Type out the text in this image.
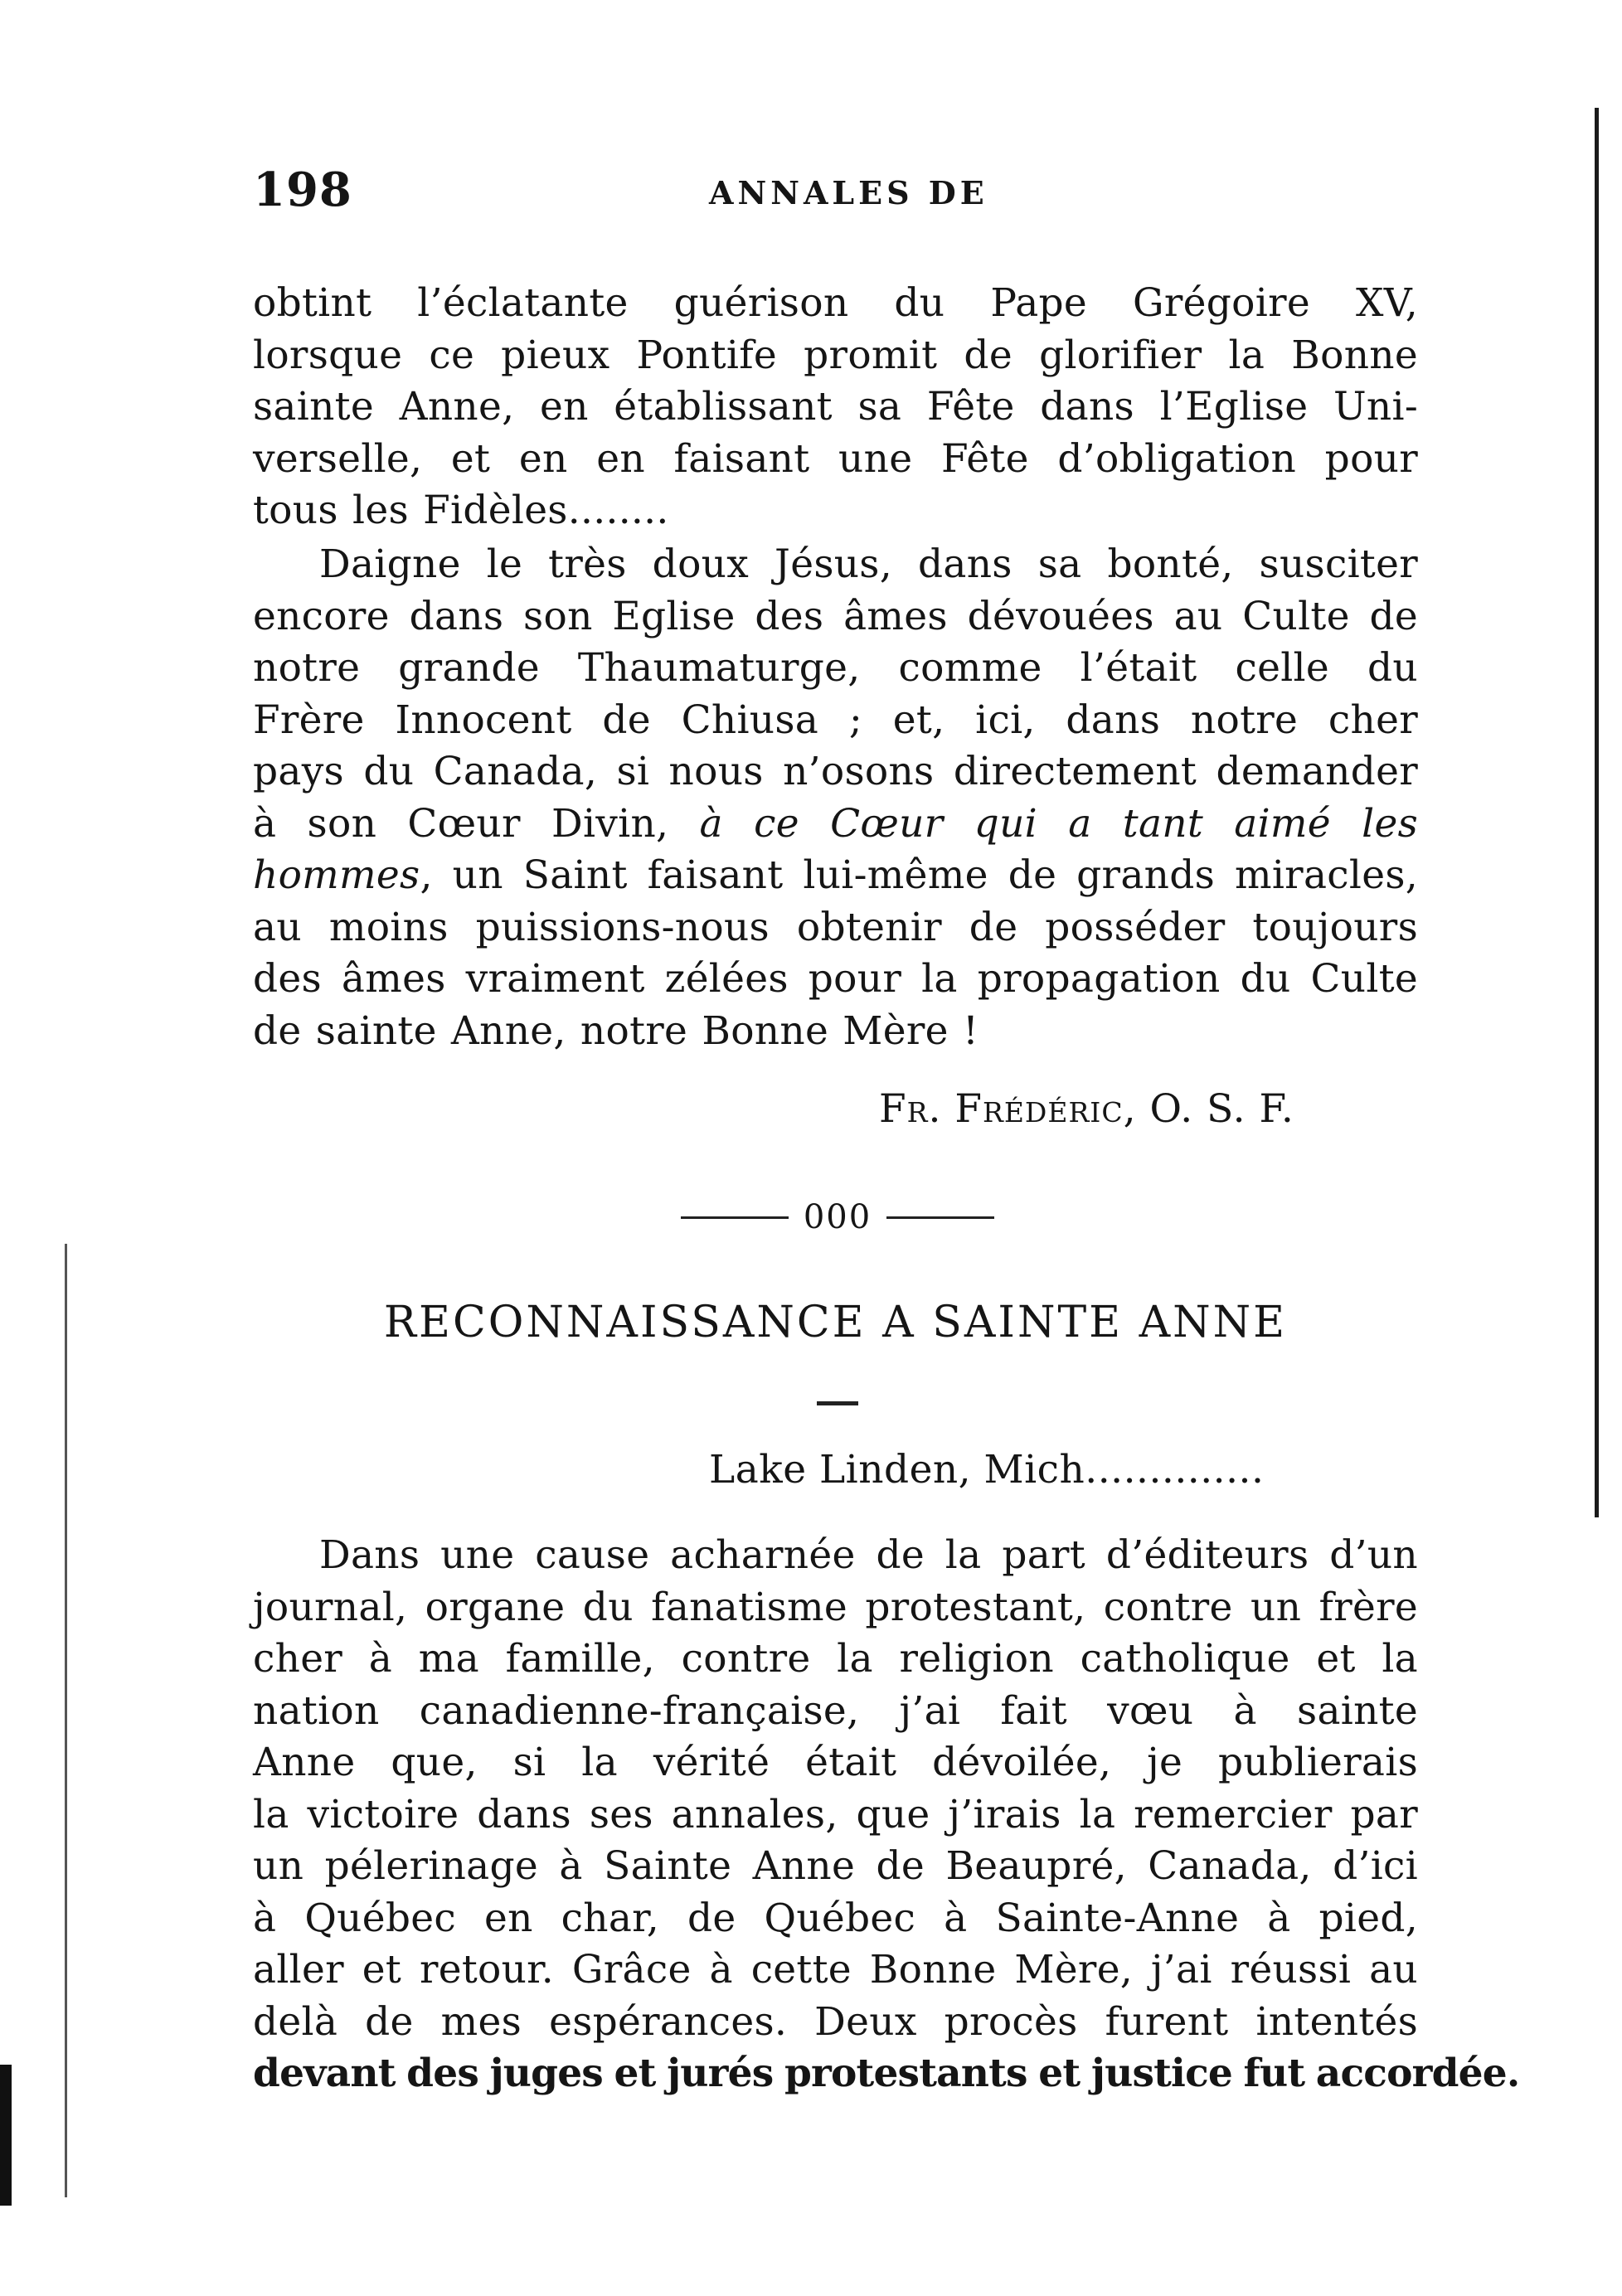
198	ANNALES DE
obtint l’éclatante guérison du Pape Grégoire XV,
lorsque ce pieux Pontife promit de glorifier la Bonne
sainte Anne, en établissant sa Fête dans l’Eglise Uni-
verselle, et en en faisant une Fête d’obligation pour
tous les Fidèles........
Daigne le très doux Jésus, dans sa bonté, susciter
encore dans son Eglise des âmes dévouées au Culte de
notre grande Thaumaturge, comme l’était celle du
Frère Innocent de Chiusa ; et, ici, dans notre cher
pays du Canada, si nous n’osons directement demander
à son Cœur Divin, à ce Cœur qui a tant aimé les
hommes, un Saint faisant lui-même de grands miracles,
au moins puissions-nous obtenir de posséder toujours
des âmes vraiment zélées pour la propagation du Culte
de sainte Anne, notre Bonne Mère !
Fr. Frédéric, O. S. F.
000
RECONNAISSANCE A SAINTE ANNE
Lake Linden, Mich..............
Dans une cause acharnée de la part d’éditeurs d’un
journal, organe du fanatisme protestant, contre un frère
cher à ma famille, contre la religion catholique et la
nation canadienne-française, j’ai fait vœu à sainte
Anne que, si la vérité était dévoilée, je publierais
la victoire dans ses annales, que j’irais la remercier par
un pélerinage à Sainte Anne de Beaupré, Canada, d’ici
à Québec en char, de Québec à Sainte-Anne à pied,
aller et retour. Grâce à cette Bonne Mère, j’ai réussi au
delà de mes espérances. Deux procès furent intentés
devant des juges et jurés protestants et justice fut accordée.
